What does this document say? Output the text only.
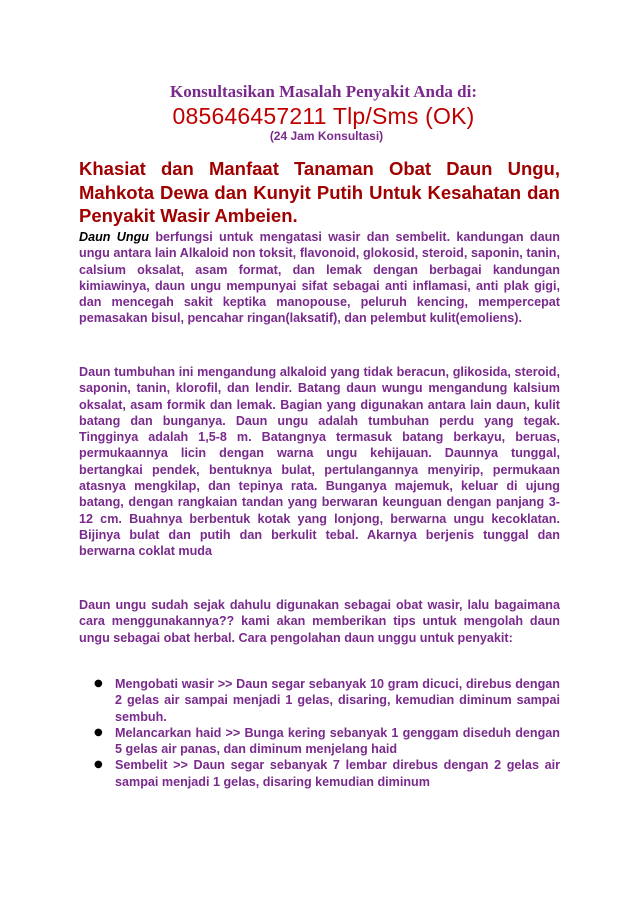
Konsultasikan Masalah Penyakit Anda di:
085646457211 Tlp/Sms (OK)
(24 Jam Konsultasi)
Khasiat dan Manfaat Tanaman Obat Daun Ungu, Mahkota Dewa dan Kunyit Putih Untuk Kesahatan dan Penyakit Wasir Ambeien.

Daun Ungu berfungsi untuk mengatasi wasir dan sembelit. kandungan daun ungu antara lain Alkaloid non toksit, flavonoid, glokosid, steroid, saponin, tanin, calsium oksalat, asam format, dan lemak dengan berbagai kandungan kimiawinya, daun ungu mempunyai sifat sebagai anti inflamasi, anti plak gigi, dan mencegah sakit keptika manopouse, peluruh kencing, mempercepat pemasakan bisul, pencahar ringan(laksatif), dan pelembut kulit(emoliens).

Daun tumbuhan ini mengandung alkaloid yang tidak beracun, glikosida, steroid, saponin, tanin, klorofil, dan lendir. Batang daun wungu mengandung kalsium oksalat, asam formik dan lemak. Bagian yang digunakan antara lain daun, kulit batang dan bunganya. Daun ungu adalah tumbuhan perdu yang tegak. Tingginya adalah 1,5-8 m. Batangnya termasuk batang berkayu, beruas, permukaannya licin dengan warna ungu kehijauan. Daunnya tunggal, bertangkai pendek, bentuknya bulat, pertulangannya menyirip, permukaan atasnya mengkilap, dan tepinya rata. Bunganya majemuk, keluar di ujung batang, dengan rangkaian tandan yang berwaran keunguan dengan panjang 3-12 cm. Buahnya berbentuk kotak yang lonjong, berwarna ungu kecoklatan. Bijinya bulat dan putih dan berkulit tebal. Akarnya berjenis tunggal dan berwarna coklat muda

Daun ungu sudah sejak dahulu digunakan sebagai obat wasir, lalu bagaimana cara menggunakannya?? kami akan memberikan tips untuk mengolah daun ungu sebagai obat herbal. Cara pengolahan daun unggu untuk penyakit:

● Mengobati wasir >> Daun segar sebanyak 10 gram dicuci, direbus dengan 2 gelas air sampai menjadi 1 gelas, disaring, kemudian diminum sampai sembuh.
● Melancarkan haid >> Bunga kering sebanyak 1 genggam diseduh dengan 5 gelas air panas, dan diminum menjelang haid
● Sembelit >> Daun segar sebanyak 7 lembar direbus dengan 2 gelas air sampai menjadi 1 gelas, disaring kemudian diminum
